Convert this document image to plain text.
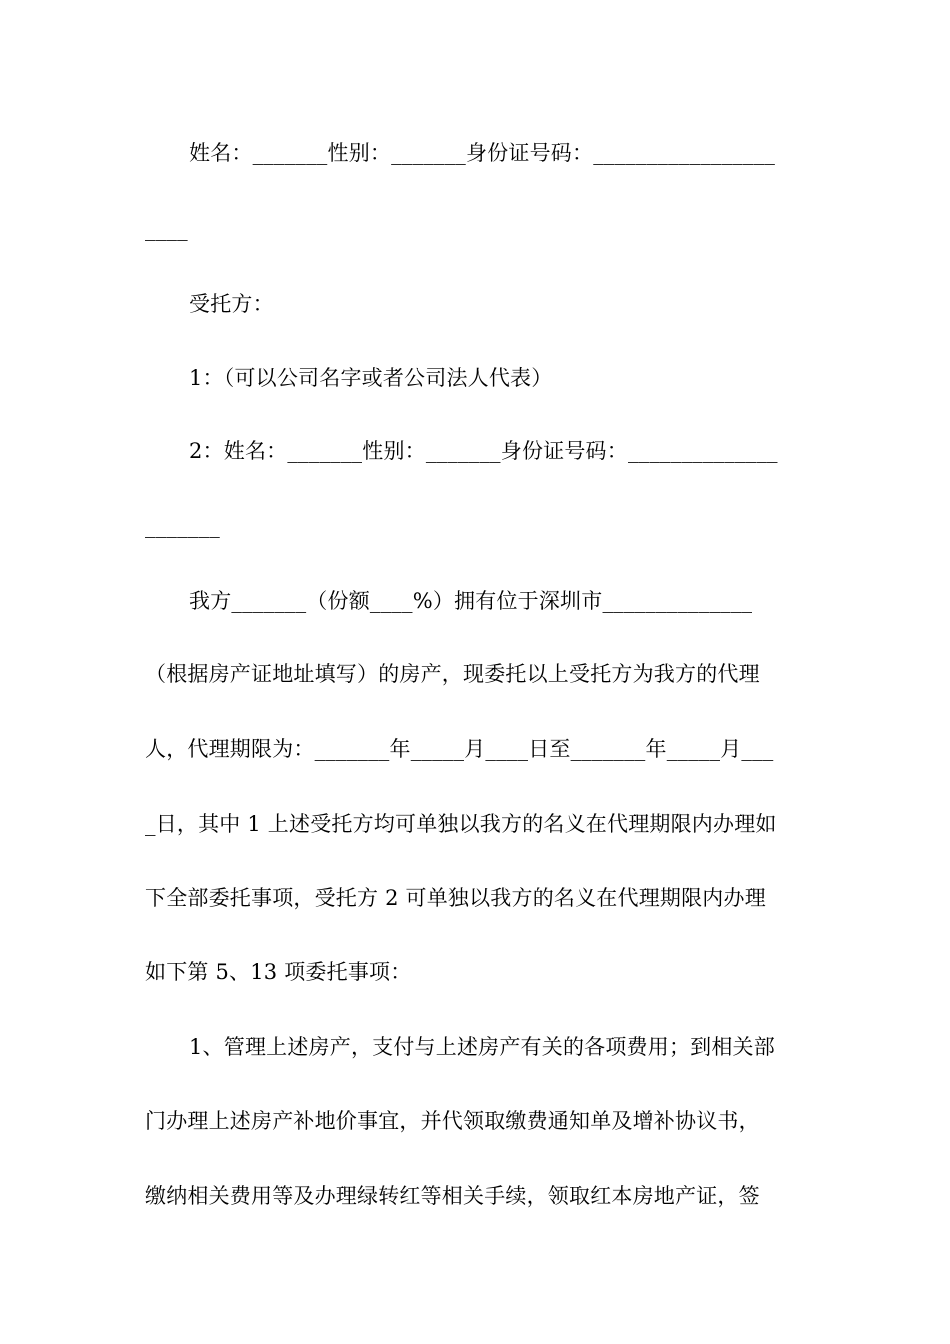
姓名：_______性别：_______身份证号码：_________________
____
受托方：
1：（可以公司名字或者公司法人代表）
2：姓名：_______性别：_______身份证号码：______________
_______
我方_______（份额____%）拥有位于深圳市______________
（根据房产证地址填写）的房产，现委托以上受托方为我方的代理
人，代理期限为：_______年_____月____日至_______年_____月___
_日，其中 1 上述受托方均可单独以我方的名义在代理期限内办理如
下全部委托事项，受托方 2 可单独以我方的名义在代理期限内办理
如下第 5、13 项委托事项：
1、管理上述房产，支付与上述房产有关的各项费用；到相关部
门办理上述房产补地价事宜，并代领取缴费通知单及增补协议书，
缴纳相关费用等及办理绿转红等相关手续，领取红本房地产证，签
